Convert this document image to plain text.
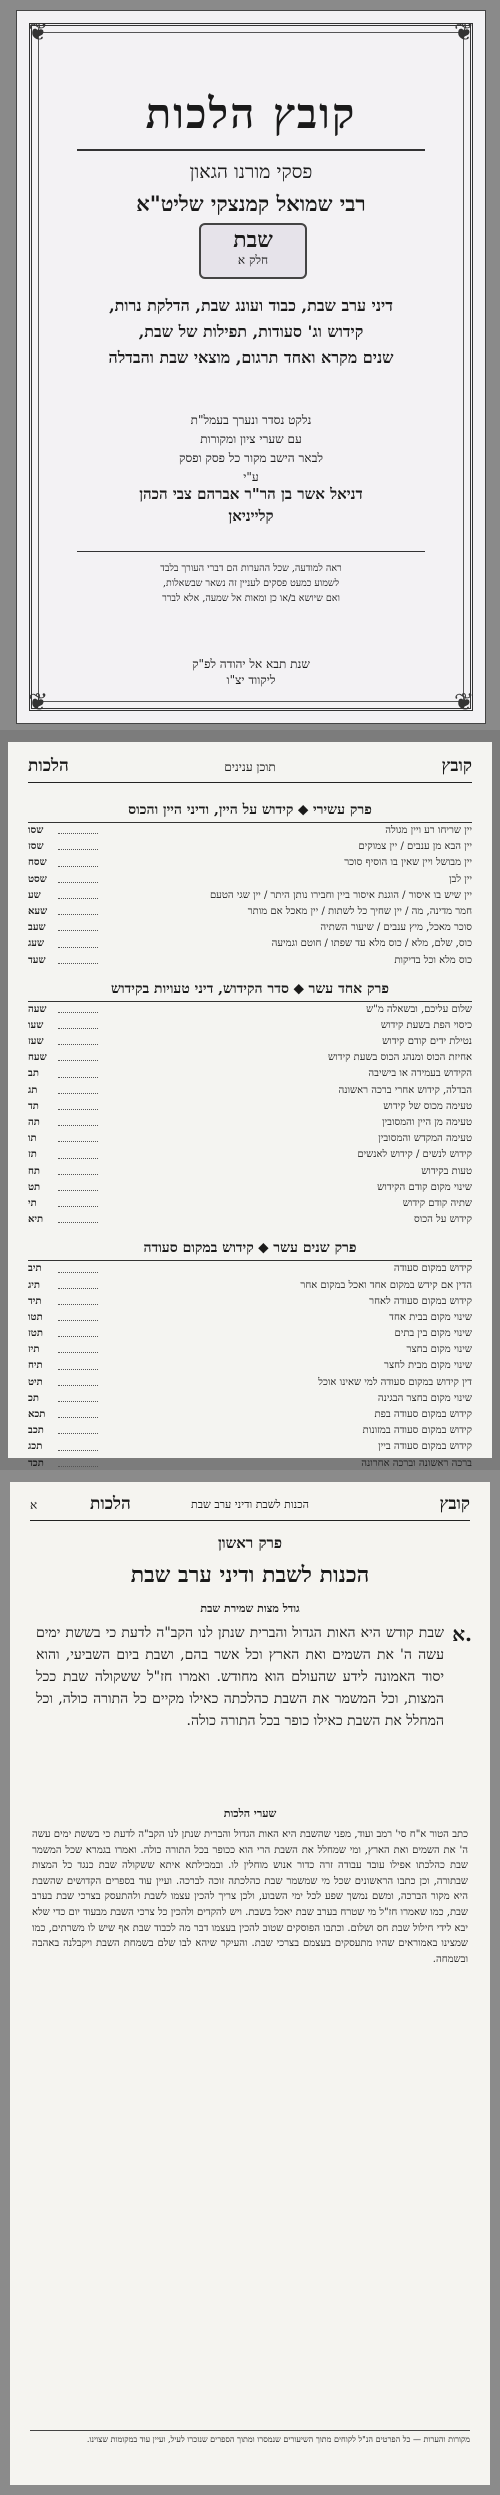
❦	❦
❦	❦
קובץ הלכות
פסקי מורנו הגאון
רבי שמואל קמנצקי שליט"א
שבת
חלק א
דיני ערב שבת, כבוד ועונג שבת, הדלקת נרות,
קידוש וג' סעודות, תפילות של שבת,
שנים מקרא ואחד תרגום, מוצאי שבת והבדלה
נלקט נסדר ונערך בעמל"ת
עם שערי ציון ומקורות
לבאר הישב מקור כל פסק ופסק
ע"י
דניאל אשר בן הר"ר אברהם צבי הכהן
קלייניאן
ראה למודעה, שכל ההערות הם דברי העורך בלבד
לשמוע כמעט פסקים לעניין זה נשאר שבשאלות,
ואם שיושא ב/או כן ומאות אל שמעה, אלא לברר
שנת תבא אל יהודה לפ"ק
ליקווד יצ"ו
קובץ
תוכן ענינים
הלכות
פרק עשירי ⬥ קידוש על היין, ודיני היין והכוס
יין שריחו רע ויין מגולה
שסו
יין הבא מן ענבים / יין צמוקים
שסז
יין מבושל ויין שאין בו הוסיף סוכר
שסח
יין לבן
שסט
יין שיש בו איסור / הוגנת איסור ביין וחבירו נותן היתר / יין שגי הטעם
שע
חמר מדינה, מה / יין שחיך כל לשתות / יין מאכל אם מותר
שעא
סוכר מאכל, מיץ ענבים / שיעור השתיה
שעב
כוס, שלם, מלא / כוס מלא עד שפתו / חוטם וגמיעה
שעג
כוס מלא וכל בדיקות
שעד
פרק אחד עשר ⬥ סדר הקידוש, דיני טעויות בקידוש
שלום עליכם, ובשאלה מ"ש
שעה
כיסוי הפת בשעת קידוש
שעו
נטילת ידים קודם קידוש
שעז
אחיזת הכוס ומנהג הכוס בשעת קידוש
שעח
הקידוש בעמידה או בישיבה
תב
הבדלה, קידוש אחרי ברכה ראשונה
תג
טעימה מכוס של קידוש
תד
טעימה מן היין והמסובין
תה
טעימה המקדש והמסובין
תו
קידוש לנשים / קידוש לאנשים
תז
טעות בקידוש
תח
שינוי מקום קודם הקידוש
תט
שתיה קודם קידוש
תי
קידוש על הכוס
תיא
פרק שנים עשר ⬥ קידוש במקום סעודה
קידוש במקום סעודה
תיב
הדין אם קידש במקום אחד ואכל במקום אחר
תיג
קידוש במקום סעודה לאחר
תיד
שינוי מקום בבית אחד
תטו
שינוי מקום בין בתים
תטז
שינוי מקום בחצר
תיז
שינוי מקום מבית לחצר
תיח
דין קידוש במקום סעודה למי שאינו אוכל
תיט
שינוי מקום בחצר הבגינה
תכ
קידוש במקום סעודה בפת
תכא
קידוש במקום סעודה במזונות
תכב
קידוש במקום סעודה ביין
תכג
ברכה ראשונה וברכה אחרונה
תכד
קובץ
הכנות לשבת ודיני ערב שבת
הלכות
א
פרק ראשון
הכנות לשבת ודיני ערב שבת
גודל מצות שמירת שבת
א.
שבת קודש היא האות הגדול והברית שנתן לנו הקב"ה לדעת כי בששת ימים עשה ה' את השמים ואת הארץ וכל אשר בהם, ושבת ביום השביעי, והוא יסוד האמונה לידע שהעולם הוא מחודש. ואמרו חז"ל ששקולה שבת ככל המצות, וכל המשמר את השבת כהלכתה כאילו מקיים כל התורה כולה, וכל המחלל את השבת כאילו כופר בכל התורה כולה.
שערי הלכות
כתב הטור א"ח סי' רמב ועוד, מפני שהשבת היא האות הגדול והברית שנתן לנו הקב"ה לדעת כי בששת ימים עשה ה' את השמים ואת הארץ, ומי שמחלל את השבת הרי הוא ככופר בכל התורה כולה. ואמרו בגמרא שכל המשמר שבת כהלכתו אפילו עובד עבודה זרה כדור אנוש מוחלין לו. ובמכילתא איתא ששקולה שבת כנגד כל המצות שבתורה, וכן כתבו הראשונים שכל מי שמשמר שבת כהלכתה זוכה לברכה. ועיין עוד בספרים הקדושים שהשבת היא מקור הברכה, ומשם נמשך שפע לכל ימי השבוע, ולכן צריך להכין עצמו לשבת ולהתעסק בצרכי שבת בערב שבת, כמו שאמרו חז"ל מי שטרח בערב שבת יאכל בשבת. ויש להקדים ולהכין כל צרכי השבת מבעוד יום כדי שלא יבא לידי חילול שבת חס ושלום. וכתבו הפוסקים שטוב להכין בעצמו דבר מה לכבוד שבת אף שיש לו משרתים, כמו שמצינו באמוראים שהיו מתעסקים בעצמם בצרכי שבת. והעיקר שיהא לבו שלם בשמחת השבת ויקבלנה באהבה ובשמחה.
מקורות והערות — כל הפרטים הנ"ל לקוחים מתוך השיעורים שנמסרו ומתוך הספרים שנזכרו לעיל, ועיין עוד במקומות שצוינו.
